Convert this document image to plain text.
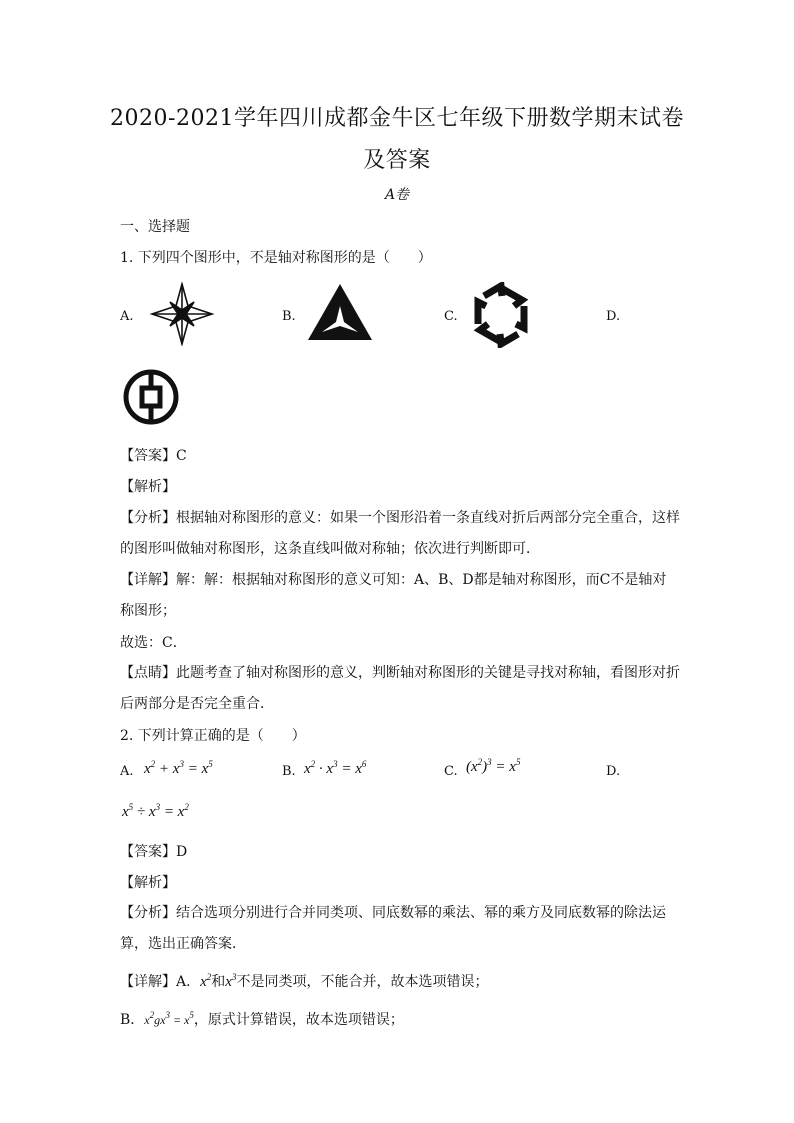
2020-2021学年四川成都金牛区七年级下册数学期末试卷及答案
A卷
一、选择题
1. 下列四个图形中，不是轴对称图形的是（　　）
A.	B.	C.	D.
【答案】C
【解析】
【分析】根据轴对称图形的意义：如果一个图形沿着一条直线对折后两部分完全重合，这样的图形叫做轴对称图形，这条直线叫做对称轴；依次进行判断即可．
【详解】解：解：根据轴对称图形的意义可知：A、B、D都是轴对称图形，而C不是轴对称图形；
故选：C．
【点睛】此题考查了轴对称图形的意义，判断轴对称图形的关键是寻找对称轴，看图形对折后两部分是否完全重合．
2. 下列计算正确的是（　　）
A. $x^2 + x^3 = x^5$	B. $x^2 \cdot x^3 = x^6$	C. $(x^2)^3 = x^5$
D.
$x^5 \div x^3 = x^2$
【答案】D
【解析】
【分析】结合选项分别进行合并同类项、同底数幂的乘法、幂的乘方及同底数幂的除法运算，选出正确答案．
【详解】A．$x^2$和$x^3$不是同类项，不能合并，故本选项错误；
B．$x^2gx^3 = x^5$，原式计算错误，故本选项错误；
